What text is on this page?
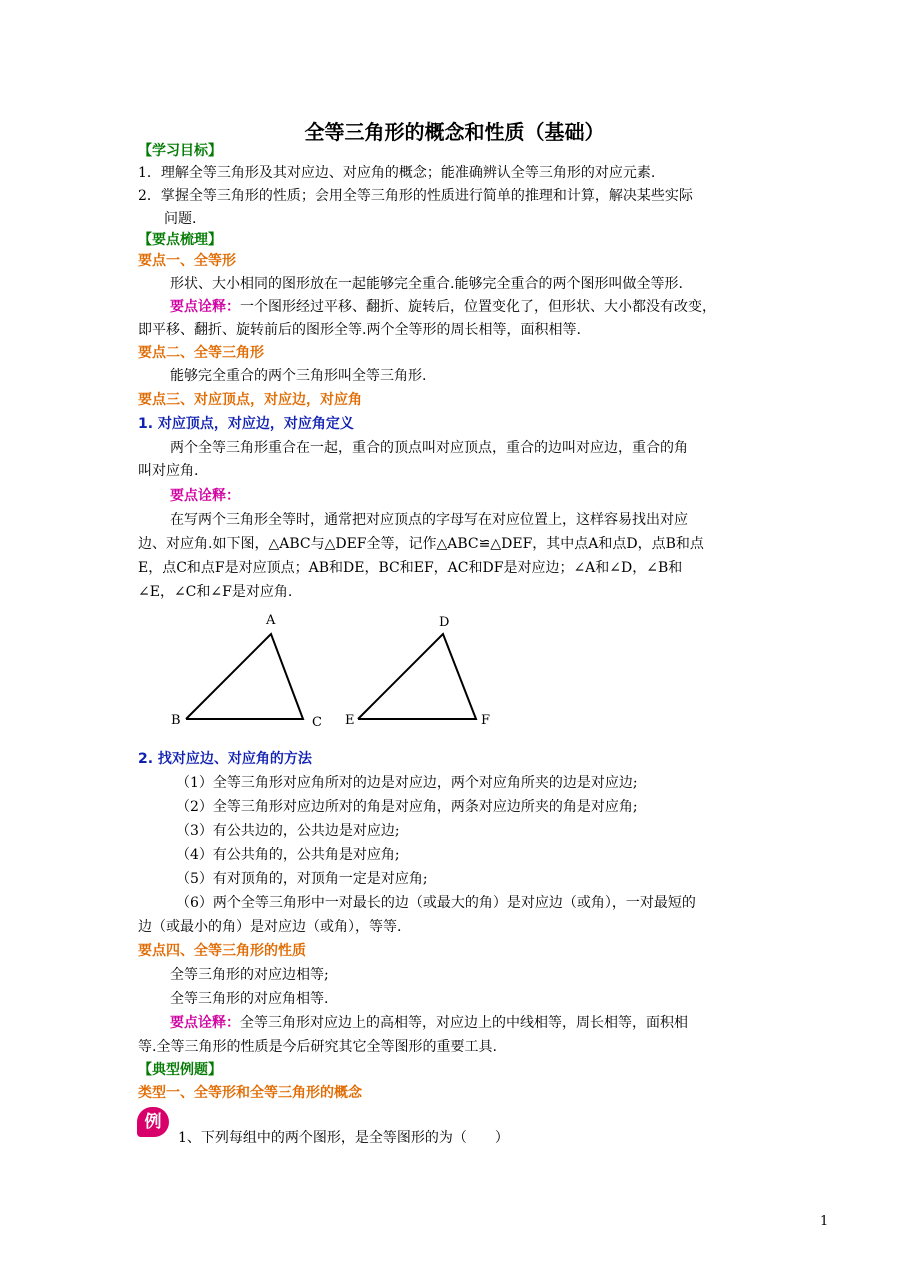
全等三角形的概念和性质（基础）
【学习目标】
1．理解全等三角形及其对应边、对应角的概念；能准确辨认全等三角形的对应元素.
2．掌握全等三角形的性质；会用全等三角形的性质进行简单的推理和计算，解决某些实际
问题.
【要点梳理】
要点一、全等形
形状、大小相同的图形放在一起能够完全重合.能够完全重合的两个图形叫做全等形.
要点诠释：一个图形经过平移、翻折、旋转后，位置变化了，但形状、大小都没有改变，
即平移、翻折、旋转前后的图形全等.两个全等形的周长相等，面积相等.
要点二、全等三角形
能够完全重合的两个三角形叫全等三角形.
要点三、对应顶点，对应边，对应角
1. 对应顶点，对应边，对应角定义
两个全等三角形重合在一起，重合的顶点叫对应顶点，重合的边叫对应边，重合的角
叫对应角.
要点诠释：
在写两个三角形全等时，通常把对应顶点的字母写在对应位置上，这样容易找出对应
边、对应角.如下图，△ABC与△DEF全等，记作△ABC≌△DEF，其中点A和点D，点B和点
E，点C和点F是对应顶点；AB和DE，BC和EF，AC和DF是对应边；∠A和∠D，∠B和
∠E，∠C和∠F是对应角.
A
B	C
D
E	F
2. 找对应边、对应角的方法
（1）全等三角形对应角所对的边是对应边，两个对应角所夹的边是对应边;
（2）全等三角形对应边所对的角是对应角，两条对应边所夹的角是对应角;
（3）有公共边的，公共边是对应边;
（4）有公共角的，公共角是对应角;
（5）有对顶角的，对顶角一定是对应角;
（6）两个全等三角形中一对最长的边（或最大的角）是对应边（或角），一对最短的
边（或最小的角）是对应边（或角），等等.
要点四、全等三角形的性质
全等三角形的对应边相等;
全等三角形的对应角相等.
要点诠释：全等三角形对应边上的高相等，对应边上的中线相等，周长相等，面积相
等.全等三角形的性质是今后研究其它全等图形的重要工具.
【典型例题】
类型一、全等形和全等三角形的概念
例
1、下列每组中的两个图形，是全等图形的为（　　）
1
